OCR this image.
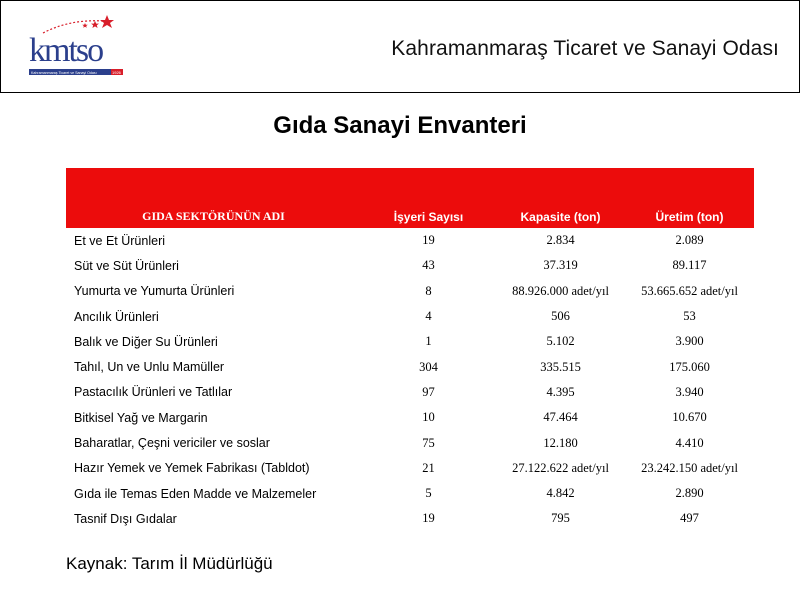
kmtso
Kahramanmaraş Ticaret ve Sanayi Odası	1926
Kahramanmaraş Ticaret ve Sanayi Odası
Gıda Sanayi Envanteri
GIDA SEKTÖRÜNÜN ADI	İşyeri Sayısı	Kapasite (ton)	Üretim (ton)
Et ve Et Ürünleri	19	2.834	2.089
Süt ve Süt Ürünleri	43	37.319	89.117
Yumurta ve Yumurta Ürünleri	8	88.926.000 adet/yıl	53.665.652 adet/yıl
Ancılık Ürünleri	4	506	53
Balık ve Diğer Su Ürünleri	1	5.102	3.900
Tahıl, Un ve Unlu Mamüller	304	335.515	175.060
Pastacılık Ürünleri ve Tatlılar	97	4.395	3.940
Bitkisel Yağ ve Margarin	10	47.464	10.670
Baharatlar, Çeşni vericiler ve soslar	75	12.180	4.410
Hazır Yemek ve Yemek Fabrikası (Tabldot)	21	27.122.622 adet/yıl	23.242.150 adet/yıl
Gıda ile Temas Eden Madde ve Malzemeler	5	4.842	2.890
Tasnif Dışı Gıdalar	19	795	497
Kaynak: Tarım İl Müdürlüğü
